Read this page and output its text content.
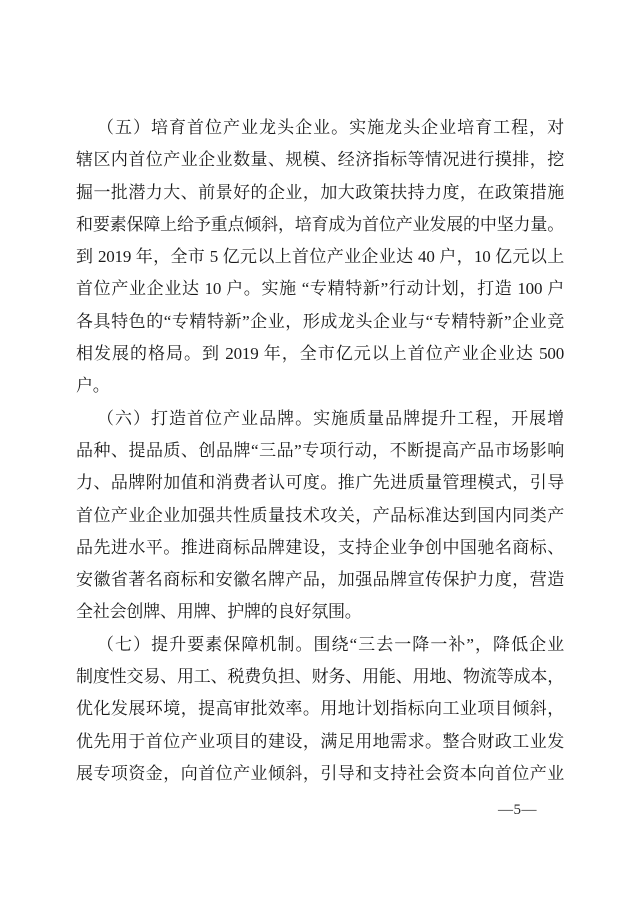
（五）培育首位产业龙头企业。实施龙头企业培育工程，对
辖区内首位产业企业数量、规模、经济指标等情况进行摸排，挖
掘一批潜力大、前景好的企业，加大政策扶持力度，在政策措施
和要素保障上给予重点倾斜，培育成为首位产业发展的中坚力量。
到 2019 年，全市 5 亿元以上首位产业企业达 40 户，10 亿元以上
首位产业企业达 10 户。实施 “专精特新”行动计划，打造 100 户
各具特色的“专精特新”企业，形成龙头企业与“专精特新”企业竞
相发展的格局。到 2019 年，全市亿元以上首位产业企业达 500
户。
（六）打造首位产业品牌。实施质量品牌提升工程，开展增
品种、提品质、创品牌“三品”专项行动，不断提高产品市场影响
力、品牌附加值和消费者认可度。推广先进质量管理模式，引导
首位产业企业加强共性质量技术攻关，产品标准达到国内同类产
品先进水平。推进商标品牌建设，支持企业争创中国驰名商标、
安徽省著名商标和安徽名牌产品，加强品牌宣传保护力度，营造
全社会创牌、用牌、护牌的良好氛围。
（七）提升要素保障机制。围绕“三去一降一补”，降低企业
制度性交易、用工、税费负担、财务、用能、用地、物流等成本，
优化发展环境，提高审批效率。用地计划指标向工业项目倾斜，
优先用于首位产业项目的建设，满足用地需求。整合财政工业发
展专项资金，向首位产业倾斜，引导和支持社会资本向首位产业
—5—
